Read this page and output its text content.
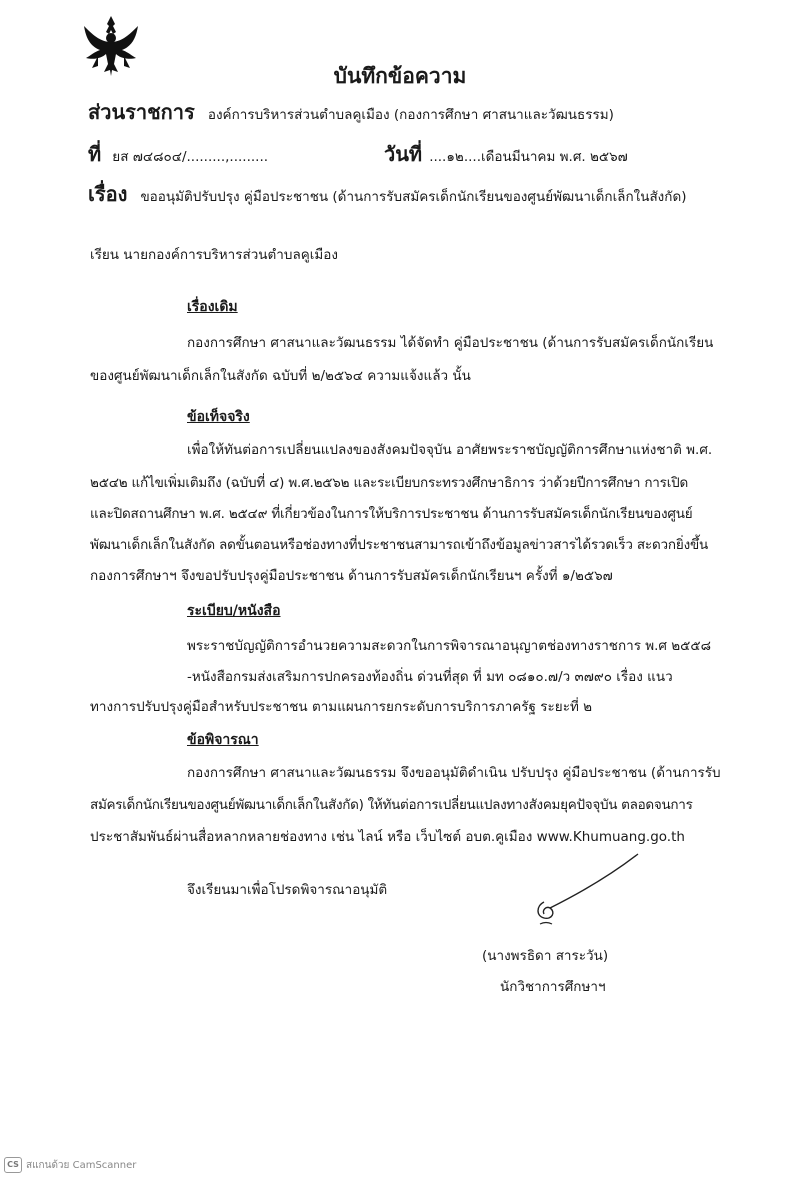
บันทึกข้อความ
ส่วนราชการ องค์การบริหารส่วนตำบลคูเมือง (กองการศึกษา ศาสนาและวัฒนธรรม)
ที่ ยส ๗๔๘๐๔/.........,.........	วันที่ ....๑๒....เดือนมีนาคม พ.ศ. ๒๕๖๗
เรื่อง ขออนุมัติปรับปรุง คู่มือประชาชน (ด้านการรับสมัครเด็กนักเรียนของศูนย์พัฒนาเด็กเล็กในสังกัด)
เรียน นายกองค์การบริหารส่วนตำบลคูเมือง
เรื่องเดิม
กองการศึกษา ศาสนาและวัฒนธรรม ได้จัดทำ คู่มือประชาชน (ด้านการรับสมัครเด็กนักเรียน
ของศูนย์พัฒนาเด็กเล็กในสังกัด ฉบับที่ ๒/๒๕๖๔ ความแจ้งแล้ว นั้น
ข้อเท็จจริง
เพื่อให้ทันต่อการเปลี่ยนแปลงของสังคมปัจจุบัน อาศัยพระราชบัญญัติการศึกษาแห่งชาติ พ.ศ.
๒๕๔๒ แก้ไขเพิ่มเติมถึง (ฉบับที่ ๔) พ.ศ.๒๕๖๒ และระเบียบกระทรวงศึกษาธิการ ว่าด้วยปีการศึกษา การเปิด
และปิดสถานศึกษา พ.ศ. ๒๕๔๙ ที่เกี่ยวข้องในการให้บริการประชาชน ด้านการรับสมัครเด็กนักเรียนของศูนย์
พัฒนาเด็กเล็กในสังกัด ลดขั้นตอนหรือช่องทางที่ประชาชนสามารถเข้าถึงข้อมูลข่าวสารได้รวดเร็ว สะดวกยิ่งขึ้น
กองการศึกษาฯ จึงขอปรับปรุงคู่มือประชาชน ด้านการรับสมัครเด็กนักเรียนฯ ครั้งที่ ๑/๒๕๖๗
ระเบียบ/หนังสือ
พระราชบัญญัติการอำนวยความสะดวกในการพิจารณาอนุญาตช่องทางราชการ พ.ศ ๒๕๕๘
-หนังสือกรมส่งเสริมการปกครองท้องถิ่น ด่วนที่สุด ที่ มท ๐๘๑๐.๗/ว ๓๗๙๐ เรื่อง แนว
ทางการปรับปรุงคู่มือสำหรับประชาชน ตามแผนการยกระดับการบริการภาครัฐ ระยะที่ ๒
ข้อพิจารณา
กองการศึกษา ศาสนาและวัฒนธรรม จึงขออนุมัติดำเนิน ปรับปรุง คู่มือประชาชน (ด้านการรับ
สมัครเด็กนักเรียนของศูนย์พัฒนาเด็กเล็กในสังกัด) ให้ทันต่อการเปลี่ยนแปลงทางสังคมยุคปัจจุบัน ตลอดจนการ
ประชาสัมพันธ์ผ่านสื่อหลากหลายช่องทาง เช่น ไลน์ หรือ เว็บไซต์ อบต.คูเมือง www.Khumuang.go.th
จึงเรียนมาเพื่อโปรดพิจารณาอนุมัติ
(นางพรธิดา สาระวัน)
นักวิชาการศึกษาฯ
CS สแกนด้วย CamScanner
